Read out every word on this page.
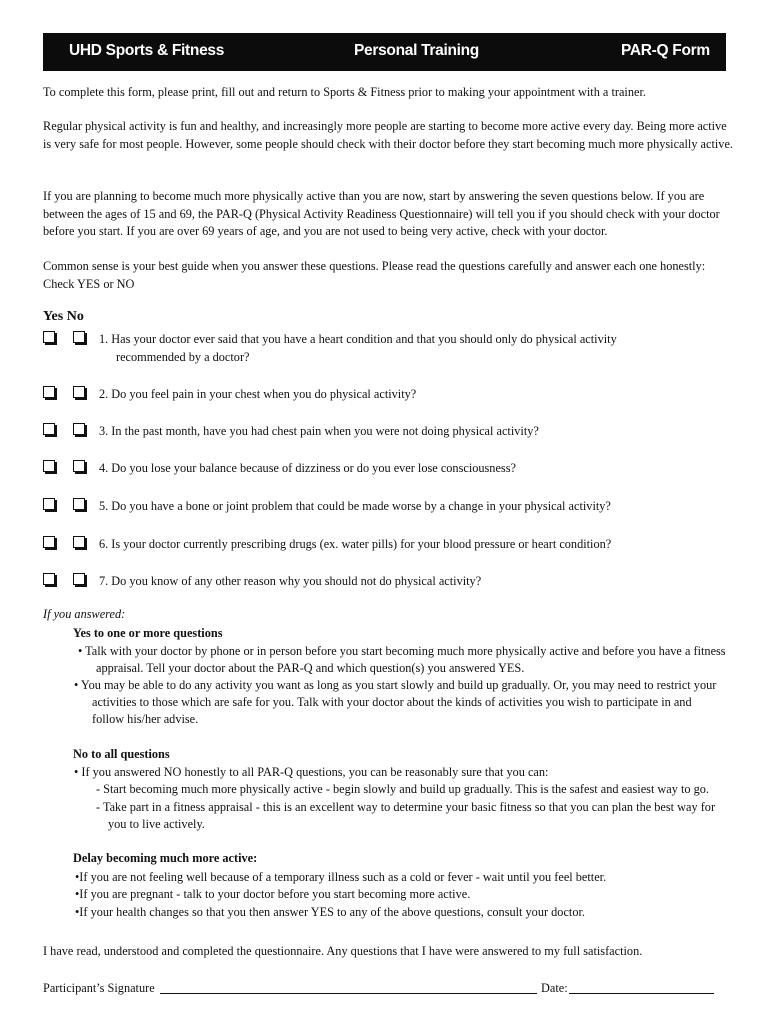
UHD Sports & Fitness	Personal Training	PAR-Q Form
To complete this form, please print, fill out and return to Sports & Fitness prior to making your appointment with a trainer.
Regular physical activity is fun and healthy, and increasingly more people are starting to become more active every day. Being more active is very safe for most people. However, some people should check with their doctor before they start becoming much more physically active.
If you are planning to become much more physically active than you are now, start by answering the seven questions below. If you are between the ages of 15 and 69, the PAR-Q (Physical Activity Readiness Questionnaire) will tell you if you should check with your doctor before you start. If you are over 69 years of age, and you are not used to being very active, check with your doctor.
Common sense is your best guide when you answer these questions. Please read the questions carefully and answer each one honestly: Check YES or NO
Yes No
1. Has your doctor ever said that you have a heart condition and that you should only do physical activity recommended by a doctor?
2. Do you feel pain in your chest when you do physical activity?
3. In the past month, have you had chest pain when you were not doing physical activity?
4. Do you lose your balance because of dizziness or do you ever lose consciousness?
5. Do you have a bone or joint problem that could be made worse by a change in your physical activity?
6. Is your doctor currently prescribing drugs (ex. water pills) for your blood pressure or heart condition?
7. Do you know of any other reason why you should not do physical activity?
If you answered:
Yes to one or more questions
• Talk with your doctor by phone or in person before you start becoming much more physically active and before you have a fitness appraisal. Tell your doctor about the PAR-Q and which question(s) you answered YES.
• You may be able to do any activity you want as long as you start slowly and build up gradually. Or, you may need to restrict your activities to those which are safe for you. Talk with your doctor about the kinds of activities you wish to participate in and follow his/her advise.
No to all questions
• If you answered NO honestly to all PAR-Q questions, you can be reasonably sure that you can:
- Start becoming much more physically active - begin slowly and build up gradually. This is the safest and easiest way to go.
- Take part in a fitness appraisal - this is an excellent way to determine your basic fitness so that you can plan the best way for you to live actively.
Delay becoming much more active:
•If you are not feeling well because of a temporary illness such as a cold or fever - wait until you feel better.
•If you are pregnant - talk to your doctor before you start becoming more active.
•If your health changes so that you then answer YES to any of the above questions, consult your doctor.
I have read, understood and completed the questionnaire. Any questions that I have were answered to my full satisfaction.
Participant’s Signature	Date:
